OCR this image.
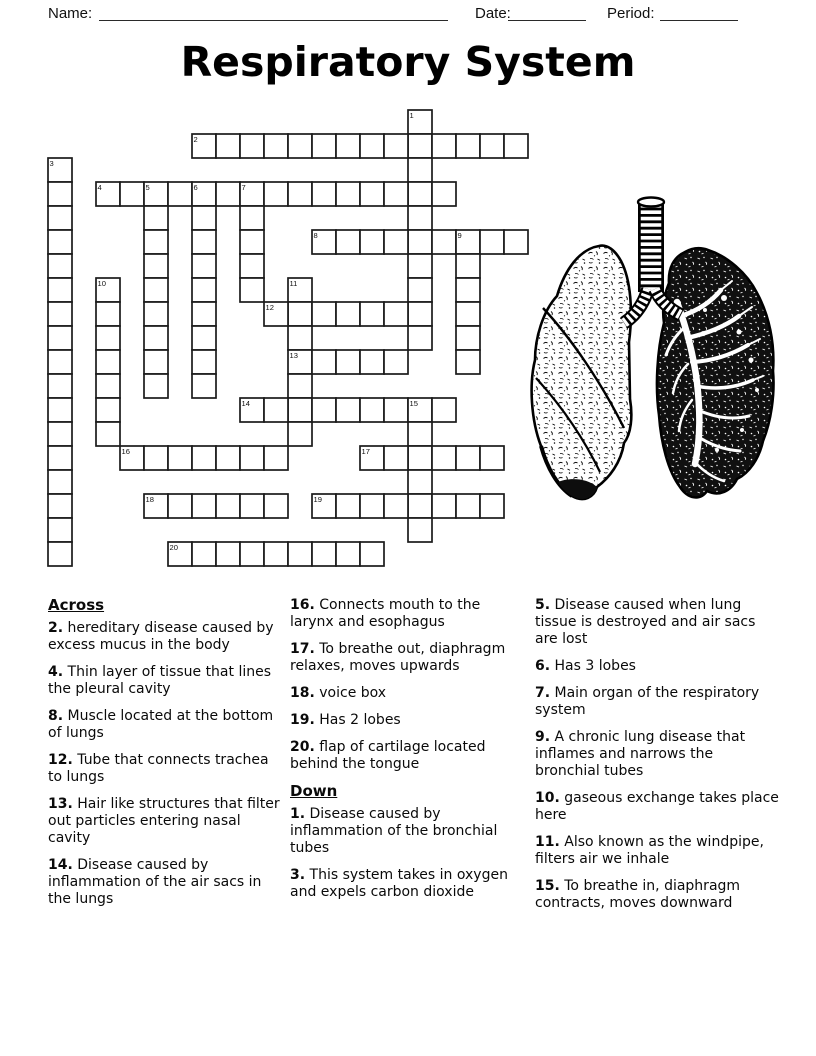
Name:	Date:	Period:
Respiratory System
1
2
3
4	5	6	7
8	9
10	11
13
12
14	15
16	17
18	19
20
Across

2. hereditary disease caused by excess mucus in the body

4. Thin layer of tissue that lines the pleural cavity

8. Muscle located at the bottom of lungs

12. Tube that connects trachea to lungs

13. Hair like structures that filter out particles entering nasal cavity

14. Disease caused by inflammation of the air sacs in the lungs

16. Connects mouth to the larynx and esophagus

17. To breathe out, diaphragm relaxes, moves upwards

18. voice box

19. Has 2 lobes

20. flap of cartilage located behind the tongue

Down

1. Disease caused by inflammation of the bronchial tubes

3. This system takes in oxygen and expels carbon dioxide

5. Disease caused when lung tissue is destroyed and air sacs are lost

6. Has 3 lobes

7. Main organ of the respiratory system

9. A chronic lung disease that inflames and narrows the bronchial tubes

10. gaseous exchange takes place here

11. Also known as the windpipe, filters air we inhale

15. To breathe in, diaphragm contracts, moves downward
